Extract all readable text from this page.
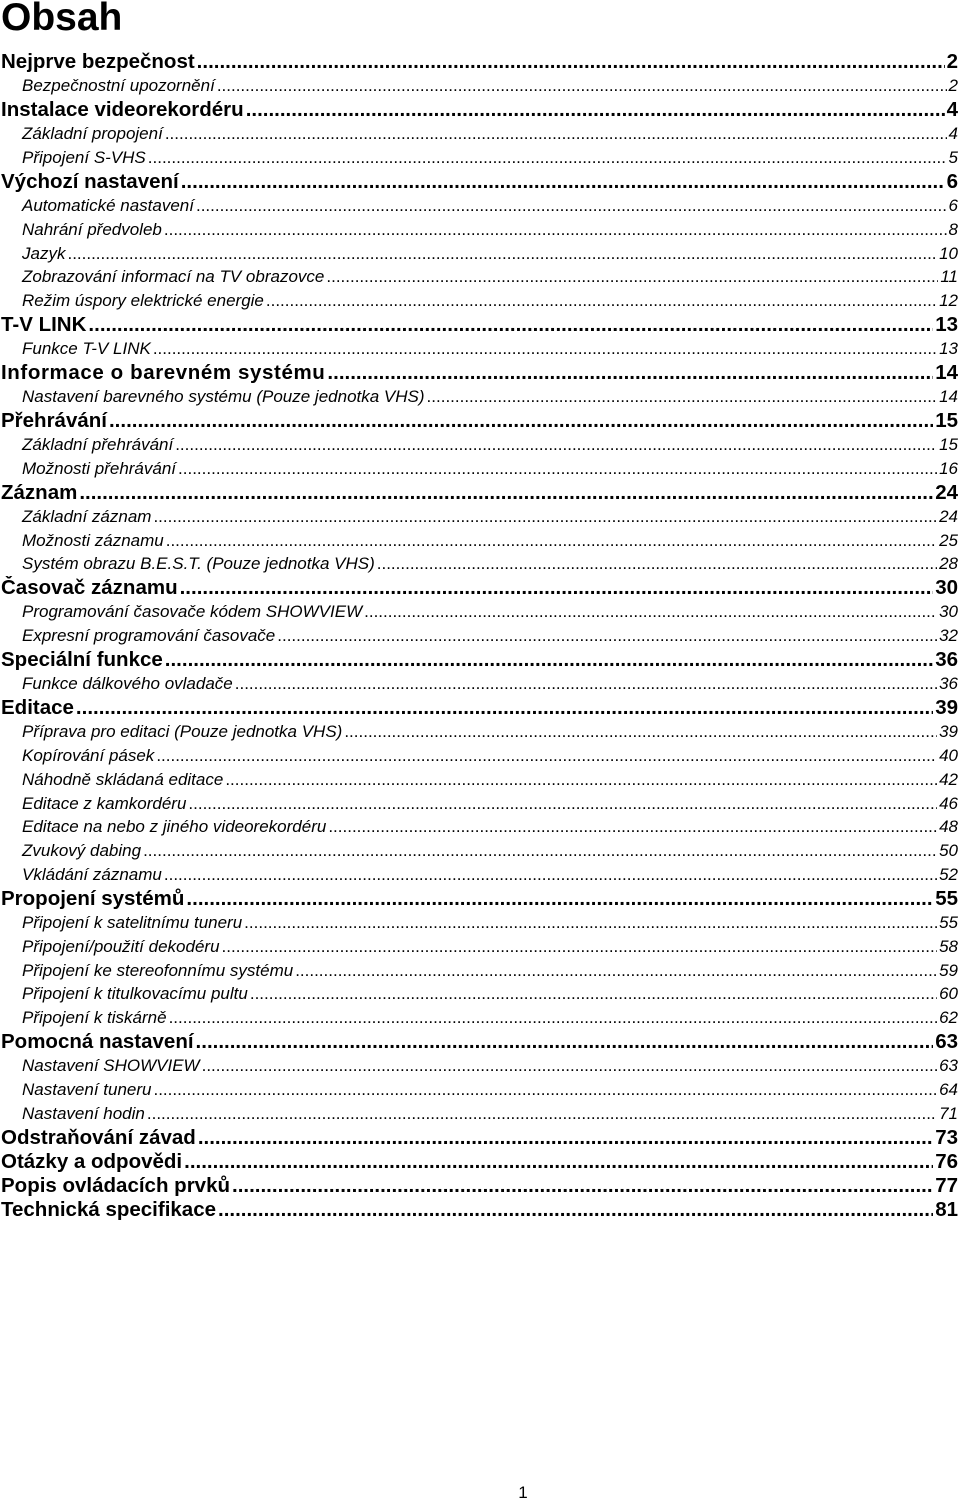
Obsah
Nejprve bezpečnost .....	2
Bezpečnostní upozornění .....	2
Instalace videorekordéru .....	4
Základní propojení .....	4
Připojení S-VHS .....	5
Výchozí nastavení .....	6
Automatické nastavení .....	6
Nahrání předvoleb .....	8
Jazyk .....	10
Zobrazování informací na TV obrazovce .....	11
Režim úspory elektrické energie .....	12
T-V LINK .....	13
Funkce T-V LINK .....	13
Informace o barevném systému .....	14
Nastavení barevného systému (Pouze jednotka VHS) .....	14
Přehrávání .....	15
Základní přehrávání .....	15
Možnosti přehrávání .....	16
Záznam .....	24
Základní záznam .....	24
Možnosti záznamu .....	25
Systém obrazu B.E.S.T. (Pouze jednotka VHS) .....	28
Časovač záznamu .....	30
Programování časovače kódem SHOWVIEW .....	30
Expresní programování časovače .....	32
Speciální funkce .....	36
Funkce dálkového ovladače .....	36
Editace .....	39
Příprava pro editaci (Pouze jednotka VHS) .....	39
Kopírování pásek .....	40
Náhodně skládaná editace .....	42
Editace z kamkordéru .....	46
Editace na nebo z jiného videorekordéru .....	48
Zvukový dabing .....	50
Vkládání záznamu .....	52
Propojení systémů .....	55
Připojení k satelitnímu tuneru .....	55
Připojení/použití dekodéru .....	58
Připojení ke stereofonnímu systému .....	59
Připojení k titulkovacímu pultu .....	60
Připojení k tiskárně .....	62
Pomocná nastavení .....	63
Nastavení SHOWVIEW .....	63
Nastavení tuneru .....	64
Nastavení hodin .....	71
Odstraňování závad .....	73
Otázky a odpovědi .....	76
Popis ovládacích prvků .....	77
Technická specifikace .....	81
1
